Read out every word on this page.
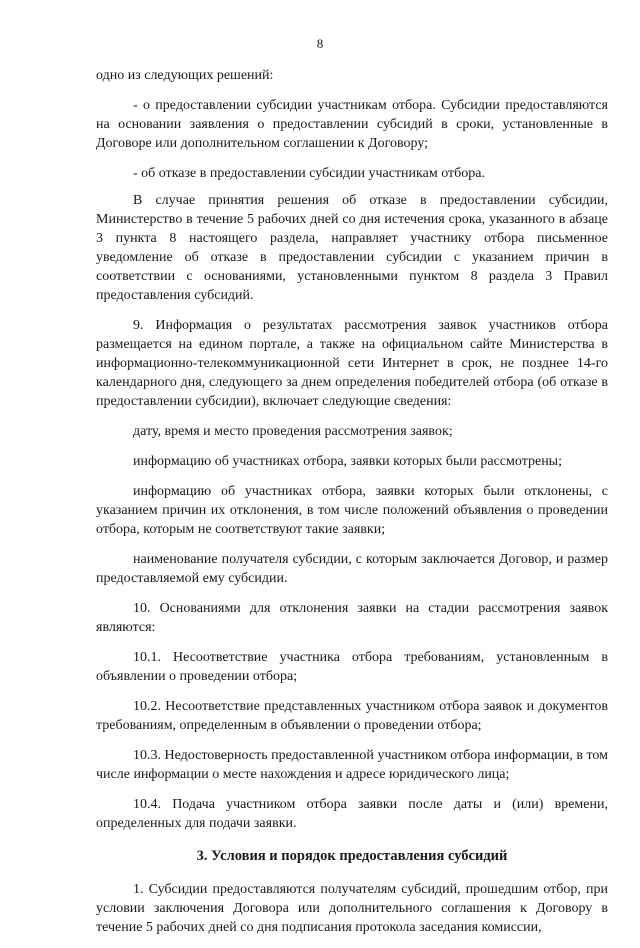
8

одно из следующих решений:

- о предоставлении субсидии участникам отбора. Субсидии предоставляются на основании заявления о предоставлении субсидий в сроки, установленные в Договоре или дополнительном соглашении к Договору;

- об отказе в предоставлении субсидии участникам отбора.

В случае принятия решения об отказе в предоставлении субсидии, Министерство в течение 5 рабочих дней со дня истечения срока, указанного в абзаце 3 пункта 8 настоящего раздела, направляет участнику отбора письменное уведомление об отказе в предоставлении субсидии с указанием причин в соответствии с основаниями, установленными пунктом 8 раздела 3 Правил предоставления субсидий.

9. Информация о результатах рассмотрения заявок участников отбора размещается на едином портале, а также на официальном сайте Министерства в информационно-телекоммуникационной сети Интернет в срок, не позднее 14-го календарного дня, следующего за днем определения победителей отбора (об отказе в предоставлении субсидии), включает следующие сведения:

дату, время и место проведения рассмотрения заявок;

информацию об участниках отбора, заявки которых были рассмотрены;

информацию об участниках отбора, заявки которых были отклонены, с указанием причин их отклонения, в том числе положений объявления о проведении отбора, которым не соответствуют такие заявки;

наименование получателя субсидии, с которым заключается Договор, и размер предоставляемой ему субсидии.

10. Основаниями для отклонения заявки на стадии рассмотрения заявок являются:

10.1. Несоответствие участника отбора требованиям, установленным в объявлении о проведении отбора;

10.2. Несоответствие представленных участником отбора заявок и документов требованиям, определенным в объявлении о проведении отбора;

10.3. Недостоверность предоставленной участником отбора информации, в том числе информации о месте нахождения и адресе юридического лица;

10.4. Подача участником отбора заявки после даты и (или) времени, определенных для подачи заявки.

3. Условия и порядок предоставления субсидий

1. Субсидии предоставляются получателям субсидий, прошедшим отбор, при условии заключения Договора или дополнительного соглашения к Договору в течение 5 рабочих дней со дня подписания протокола заседания комиссии,
